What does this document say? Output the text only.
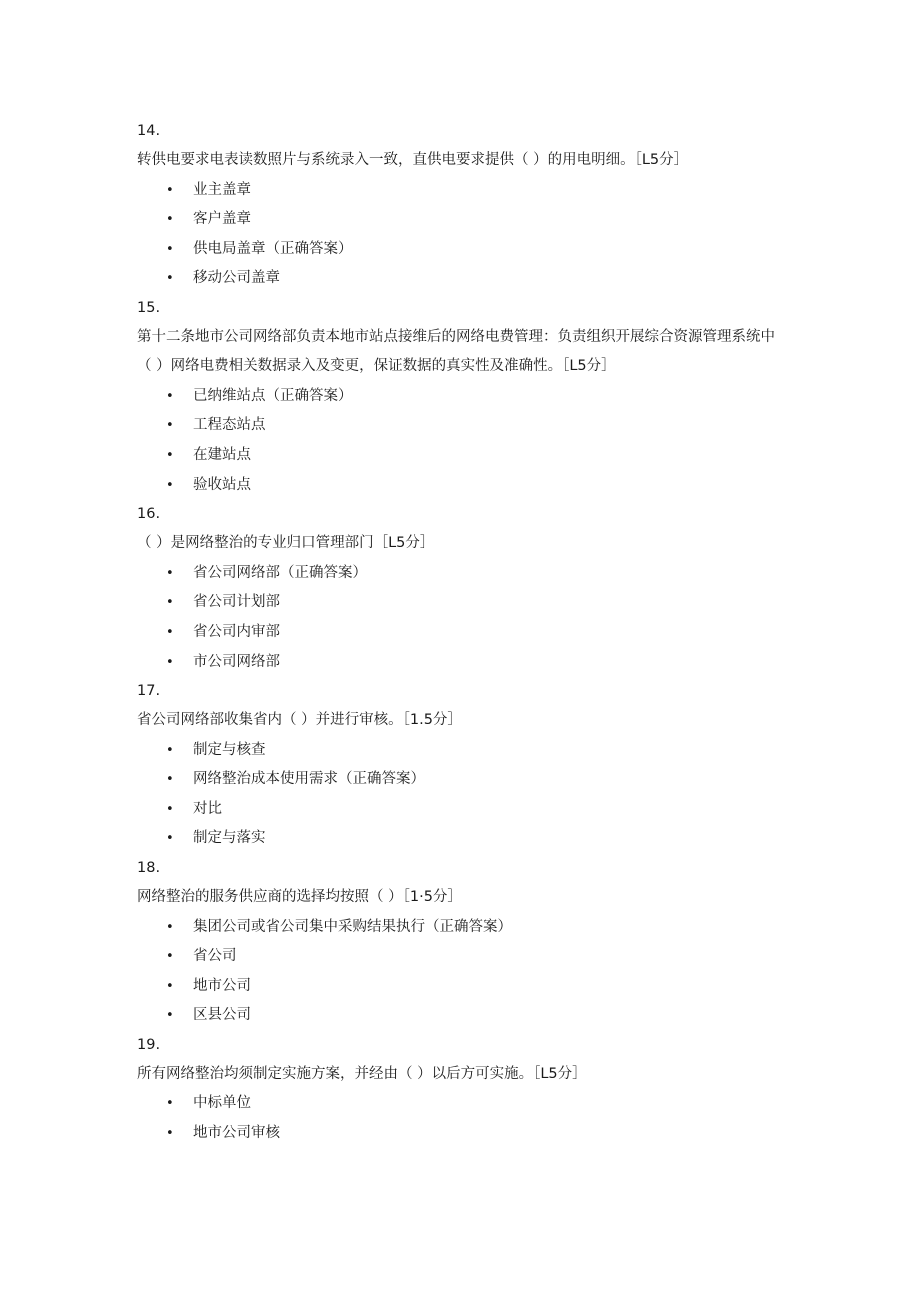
14.
转供电要求电表读数照片与系统录入一致，直供电要求提供（ ）的用电明细。［L5分］
• 业主盖章
• 客户盖章
• 供电局盖章（正确答案）
• 移动公司盖章
15.
第十二条地市公司网络部负责本地市站点接维后的网络电费管理：负责组织开展综合资源管理系统中（ ）网络电费相关数据录入及变更，保证数据的真实性及准确性。［L5分］
• 已纳维站点（正确答案）
• 工程态站点
• 在建站点
• 验收站点
16.
（ ）是网络整治的专业归口管理部门［L5分］
• 省公司网络部（正确答案）
• 省公司计划部
• 省公司内审部
• 市公司网络部
17.
省公司网络部收集省内（ ）并进行审核。［1.5分］
• 制定与核查
• 网络整治成本使用需求（正确答案）
• 对比
• 制定与落实
18.
网络整治的服务供应商的选择均按照（ ）［1·5分］
• 集团公司或省公司集中采购结果执行（正确答案）
• 省公司
• 地市公司
• 区县公司
19.
所有网络整治均须制定实施方案，并经由（ ）以后方可实施。［L5分］
• 中标单位
• 地市公司审核
